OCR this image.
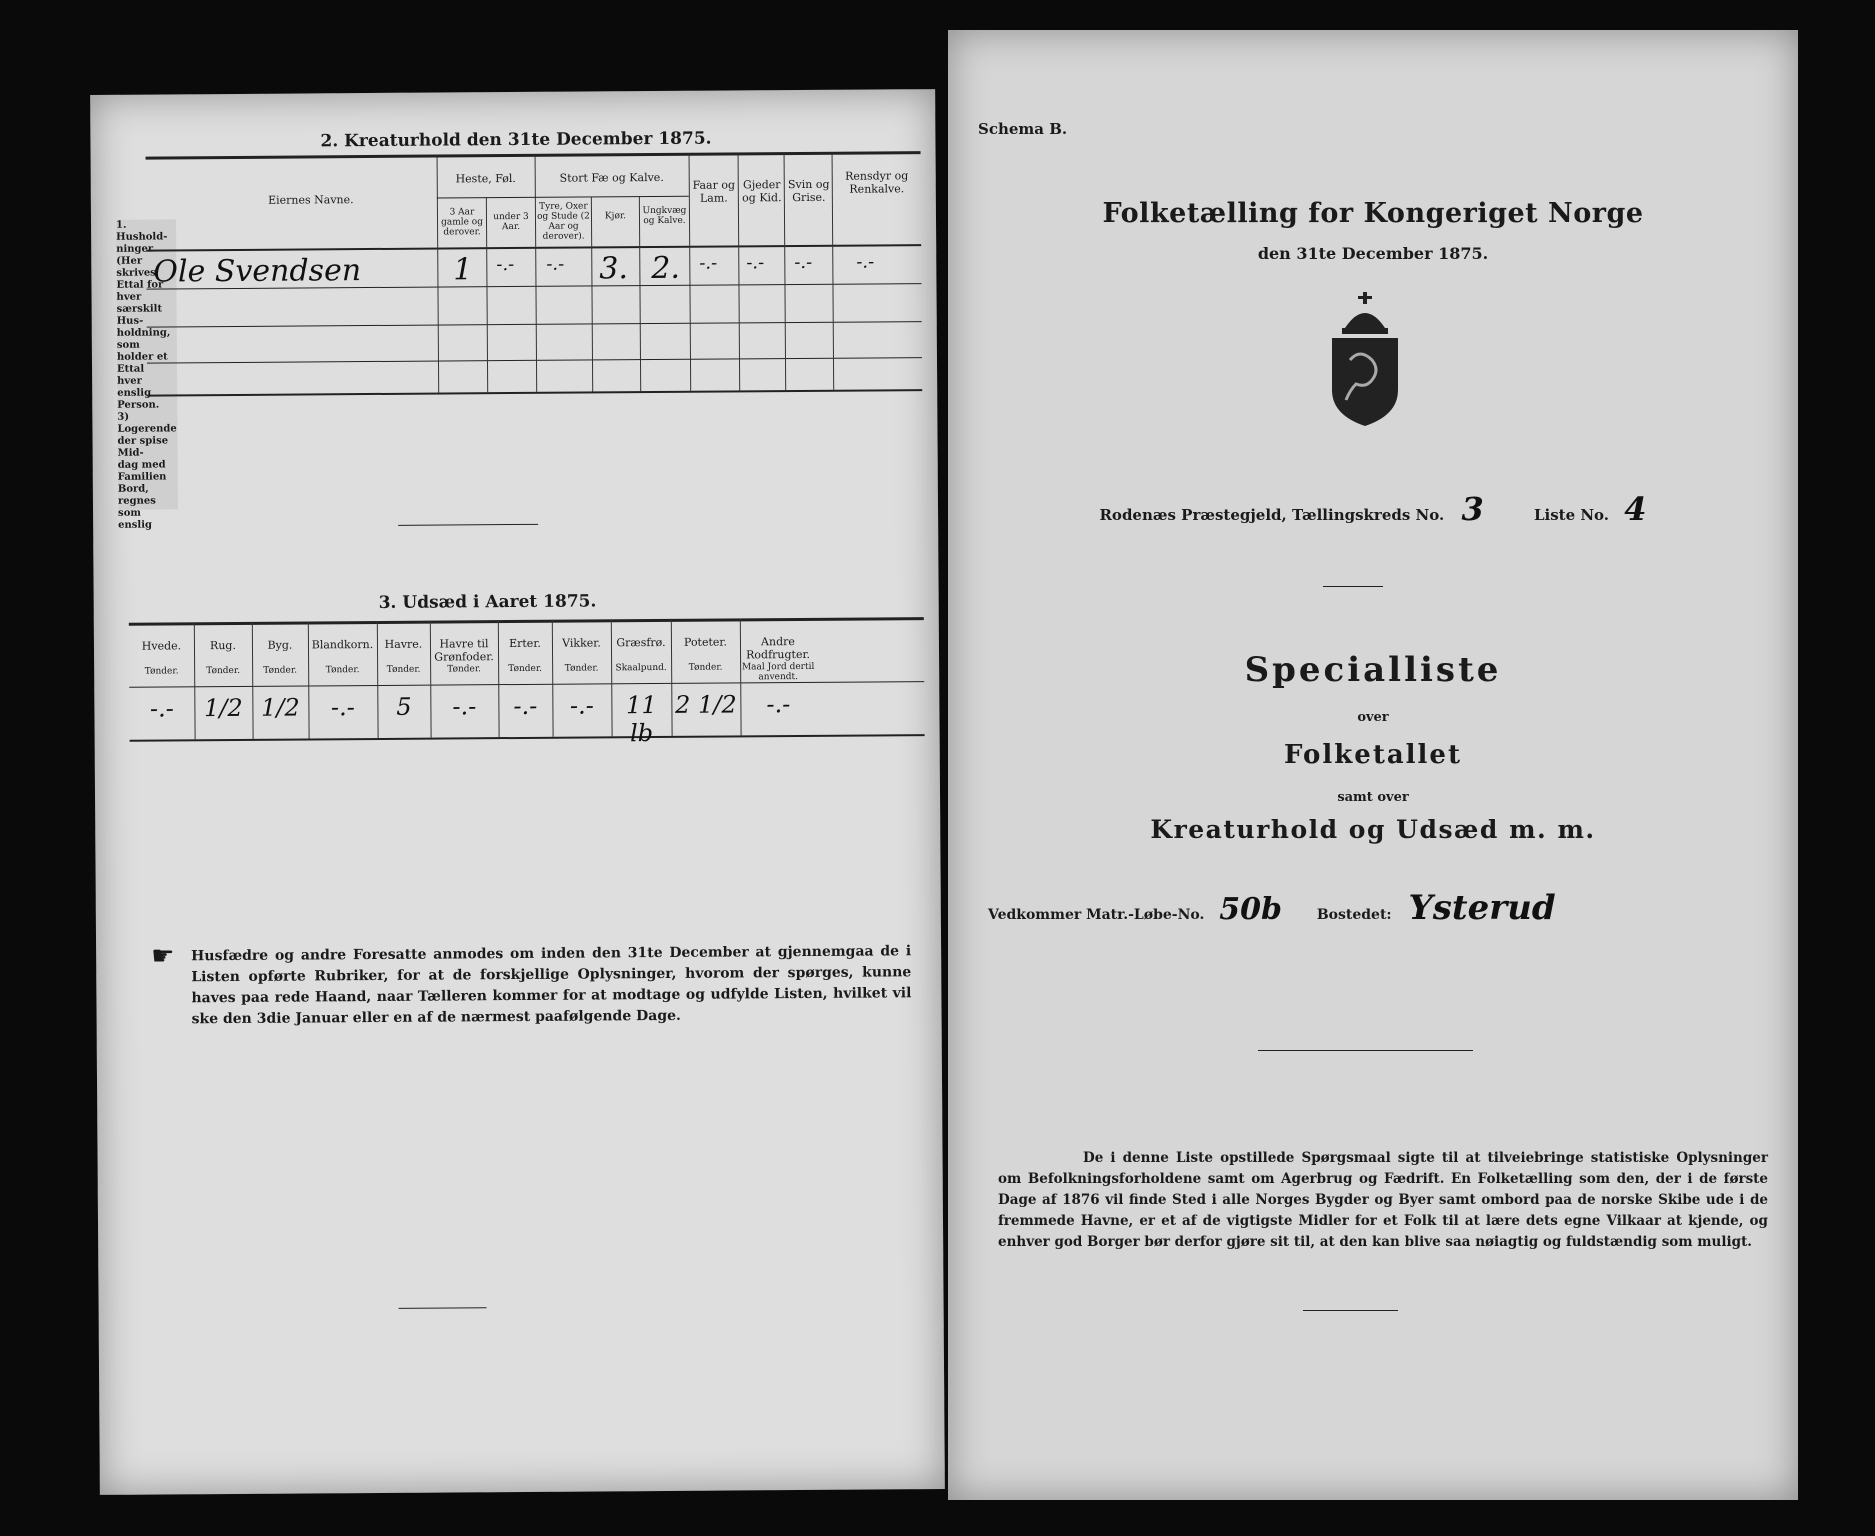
1.
Hushold-
ninger.
(Her skrives
Ettal for hver
særskilt Hus-
holdning, som
holder et Ettal
hver enslig
Person.
3) Logerende
der spise Mid-
dag med Familien
Bord, regnes
som enslig
2. Kreaturhold den 31te December 1875.
Eiernes Navne.
Heste, Føl.
3 Aar gamle og derover.
under 3 Aar.
Stort Fæ og Kalve.
Tyre, Oxer og Stude (2 Aar og derover).
Kjør.
Ungkvæg og Kalve.
Faar og Lam.
Gjeder og Kid.
Svin og Grise.
Rensdyr og Renkalve.
Ole Svendsen	1 -.- -.- 3. 2. -.- -.- -.- -.-
3. Udsæd i Aaret 1875.
☛ Husfædre og andre Foresatte anmodes om inden den 31te December at gjennemgaa de i Listen opførte Rubriker, for at de forskjellige Oplysninger, hvorom der spørges, kunne haves paa rede Haand, naar Tælleren kommer for at modtage og udfylde Listen, hvilket vil ske den 3die Januar eller en af de nærmest paafølgende Dage.
Hvede.
Tønder.
-.-
Rug.
Tønder.
1/2
Byg.
Tønder.
1/2
Blandkorn.
Tønder.
-.-
Havre.
Tønder.
5
Havre til Grønfoder.
Tønder.
-.-
Erter.
Tønder.
-.-
Vikker.
Tønder.
-.-
Græsfrø.
Skaalpund.
11 lb
Poteter.
Tønder.
2 1/2
Andre Rodfrugter.
Maal Jord dertil anvendt.
-.-
Schema B.
Folketælling for Kongeriget Norge
den 31te December 1875.
Rodenæs Præstegjeld, Tællingskreds No. 3	Liste No. 4
Specialliste
over
Folketallet
samt over
Kreaturhold og Udsæd m. m.
Vedkommer Matr.-Løbe-No. 50b Bostedet: Ysterud
De i denne Liste opstillede Spørgsmaal sigte til at tilveiebringe statistiske Oplysninger om Befolkningsforholdene samt om Agerbrug og Fædrift. En Folketælling som den, der i de første Dage af 1876 vil finde Sted i alle Norges Bygder og Byer samt ombord paa de norske Skibe ude i de fremmede Havne, er et af de vigtigste Midler for et Folk til at lære dets egne Vilkaar at kjende, og enhver god Borger bør derfor gjøre sit til, at den kan blive saa nøiagtig og fuldstændig som muligt.
